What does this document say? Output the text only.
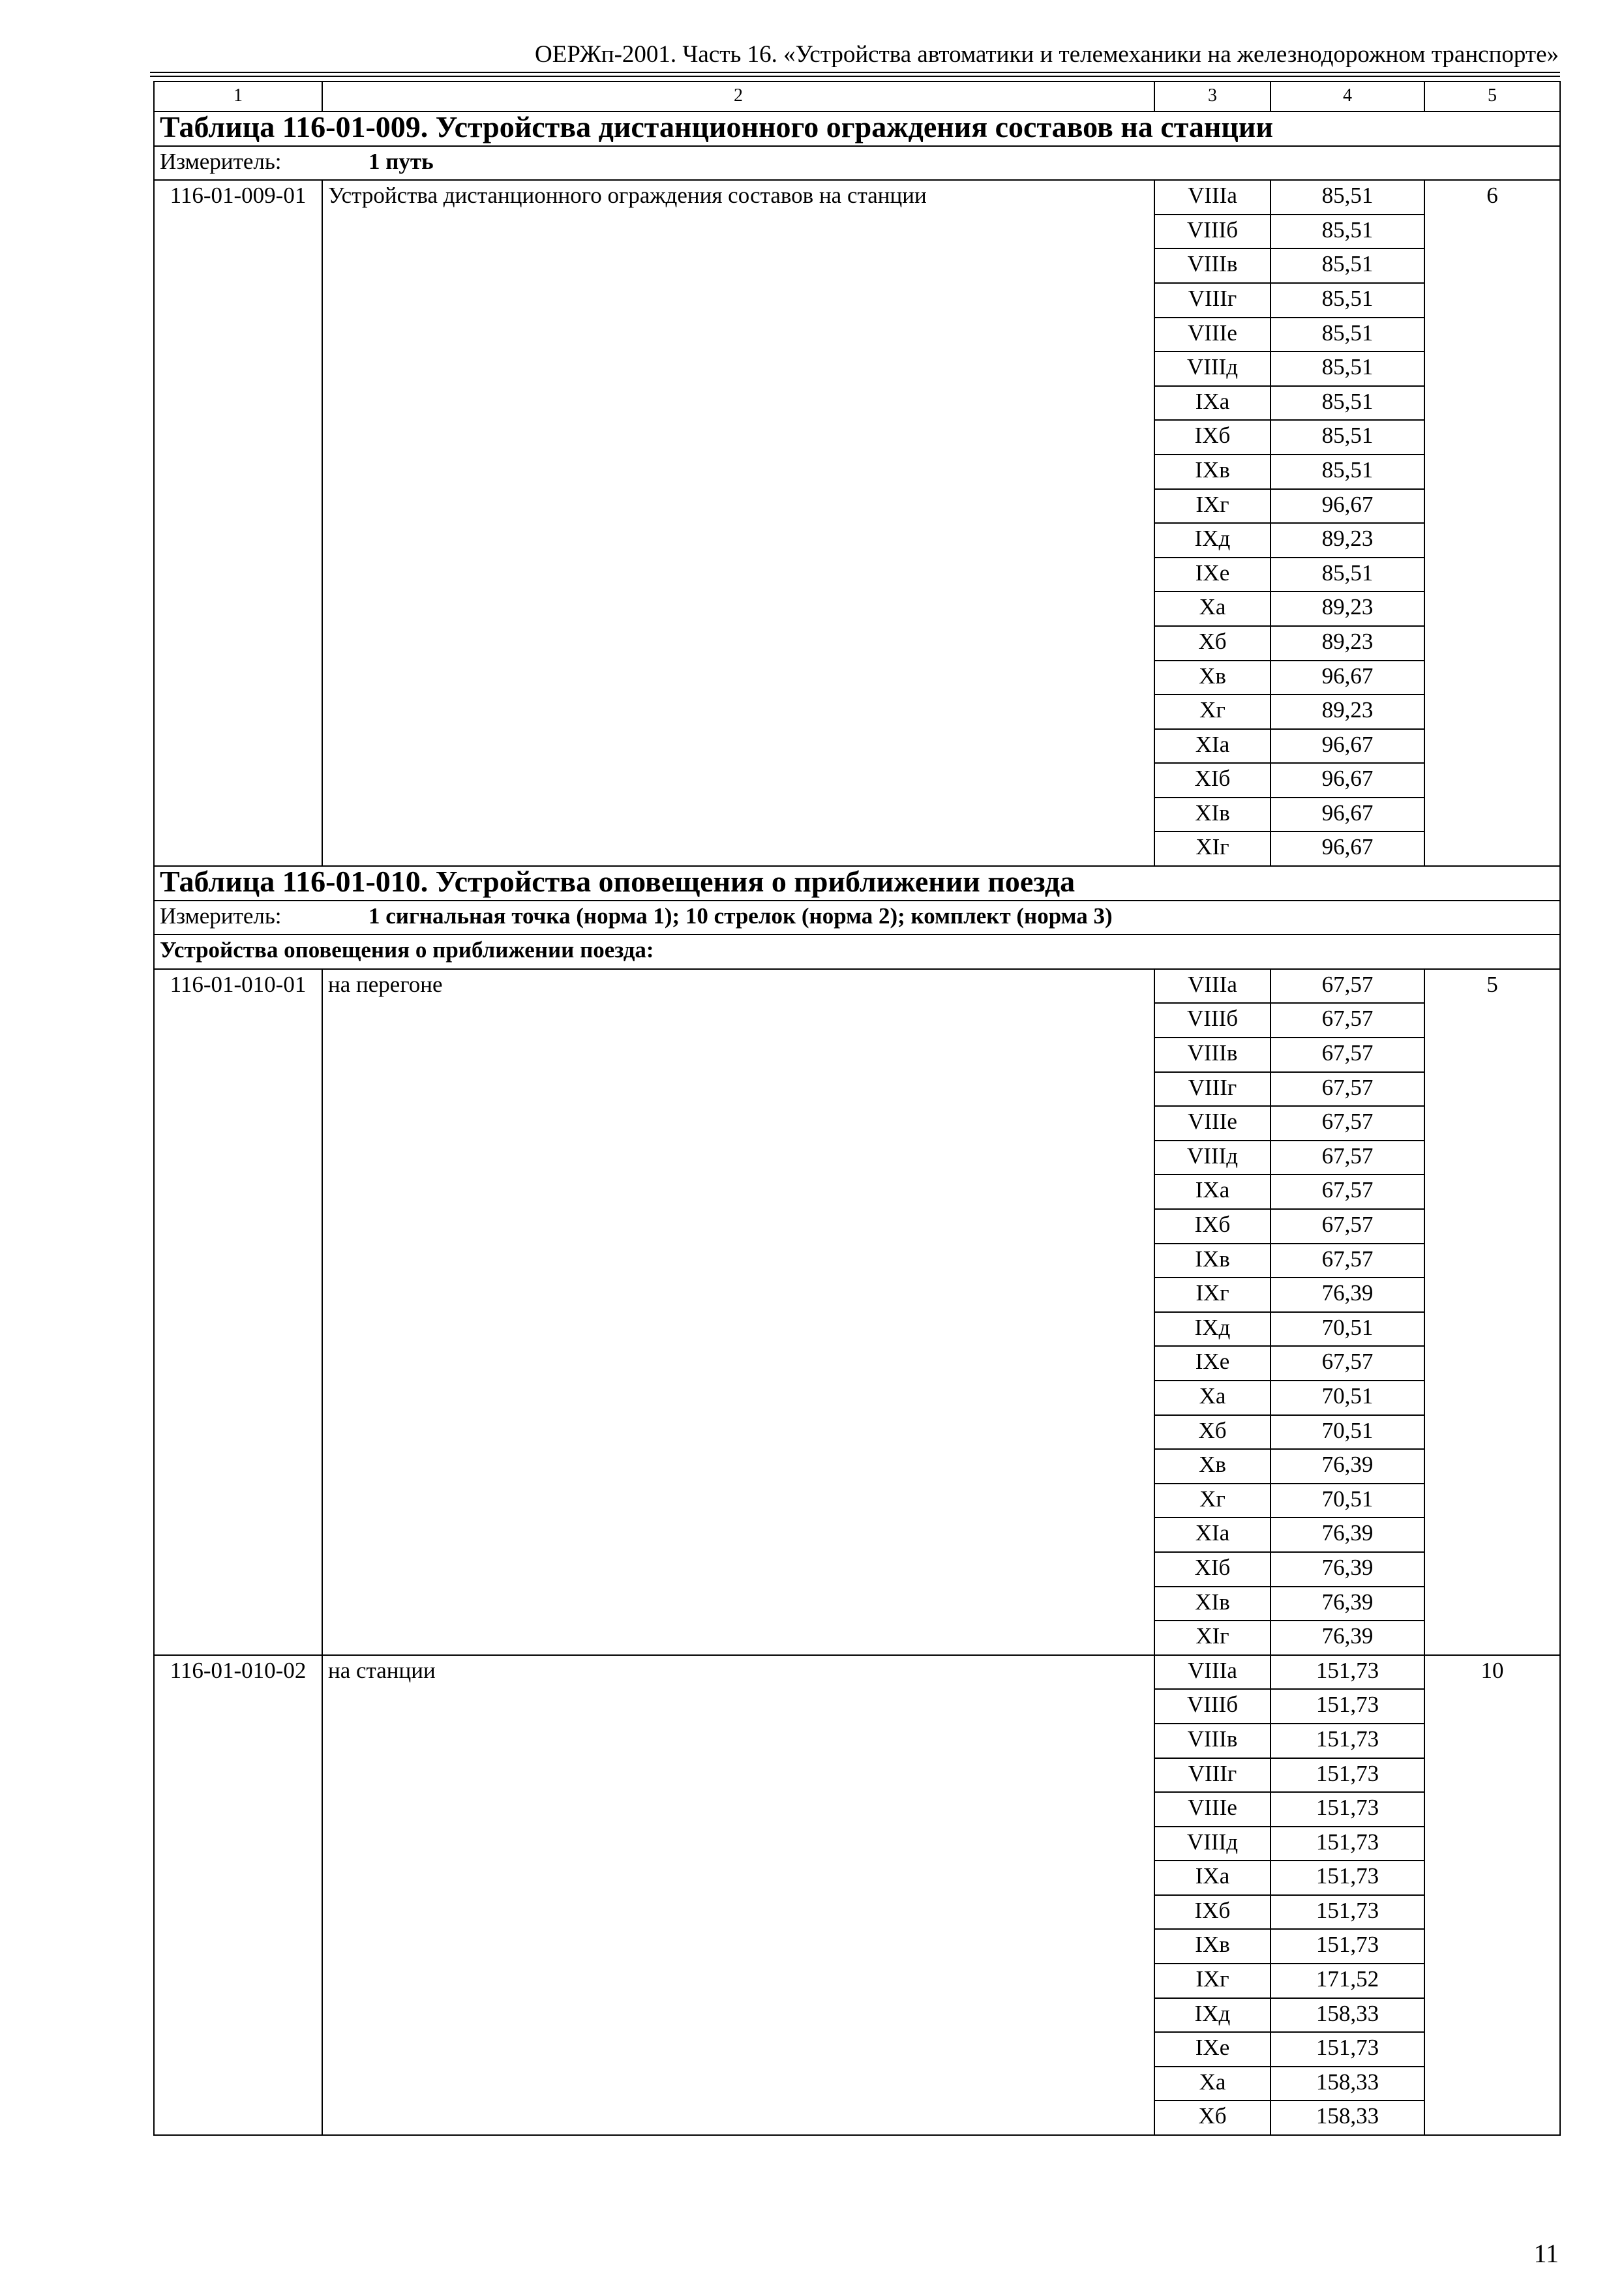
ОЕРЖп-2001. Часть 16. «Устройства автоматики и телемеханики на железнодорожном транспорте»
1	2	3	4	5
Таблица 116-01-009. Устройства дистанционного ограждения составов на станции				
Измеритель: 1 путь				
116-01-009-01	Устройства дистанционного ограждения составов на станции	VIIIа	85,51	6
		VIIIб	85,51	
		VIIIв	85,51	
		VIIIг	85,51	
		VIIIе	85,51	
		VIIIд	85,51	
		IXа	85,51	
		IXб	85,51	
		IXв	85,51	
		IXг	96,67	
		IXд	89,23	
		IXе	85,51	
		Xа	89,23	
		Xб	89,23	
		Xв	96,67	
		Xг	89,23	
		XIа	96,67	
		XIб	96,67	
		XIв	96,67	
		XIг	96,67	
Таблица 116-01-010. Устройства оповещения о приближении поезда				
Измеритель: 1 сигнальная точка (норма 1); 10 стрелок (норма 2); комплект (норма 3)				
Устройства оповещения о приближении поезда:				
116-01-010-01	на перегоне	VIIIа	67,57	5
		VIIIб	67,57	
		VIIIв	67,57	
		VIIIг	67,57	
		VIIIе	67,57	
		VIIIд	67,57	
		IXа	67,57	
		IXб	67,57	
		IXв	67,57	
		IXг	76,39	
		IXд	70,51	
		IXе	67,57	
		Xа	70,51	
		Xб	70,51	
		Xв	76,39	
		Xг	70,51	
		XIа	76,39	
		XIб	76,39	
		XIв	76,39	
		XIг	76,39	
116-01-010-02	на станции	VIIIа	151,73	10
		VIIIб	151,73	
		VIIIв	151,73	
		VIIIг	151,73	
		VIIIе	151,73	
		VIIIд	151,73	
		IXа	151,73	
		IXб	151,73	
		IXв	151,73	
		IXг	171,52	
		IXд	158,33	
		IXе	151,73	
		Xа	158,33	
		Xб	158,33	
11
